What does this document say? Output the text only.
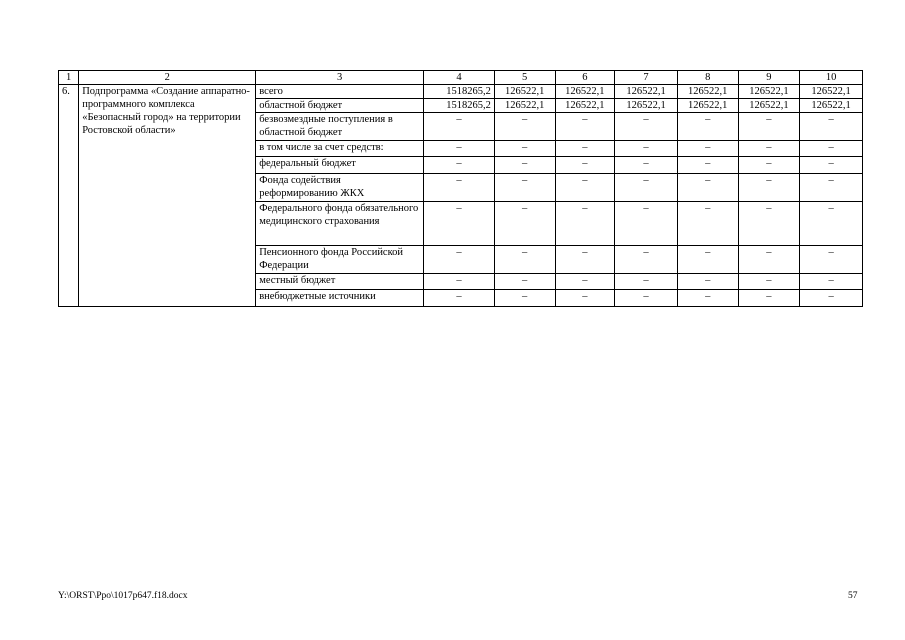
1	2	3	4	5	6	7	8	9	10
6.	Подпрограмма «Создание аппаратно-программного комплекса «Безопасный город» на территории Ростовской области»	всего	1518265,2	126522,1	126522,1	126522,1	126522,1	126522,1	126522,1
		областной бюджет	1518265,2	126522,1	126522,1	126522,1	126522,1	126522,1	126522,1
		безвозмездные поступления в областной бюджет	–	–	–	–	–	–	–
		в том числе за счет средств:	–	–	–	–	–	–	–
		федеральный бюджет	–	–	–	–	–	–	–
		Фонда содействия реформированию ЖКХ	–	–	–	–	–	–	–
		Федерального фонда обязательного медицинского страхования	–	–	–	–	–	–	–
		Пенсионного фонда Российской Федерации	–	–	–	–	–	–	–
		местный бюджет	–	–	–	–	–	–	–
		внебюджетные источники	–	–	–	–	–	–	–
Y:\ORST\Ppo\1017p647.f18.docx	57
